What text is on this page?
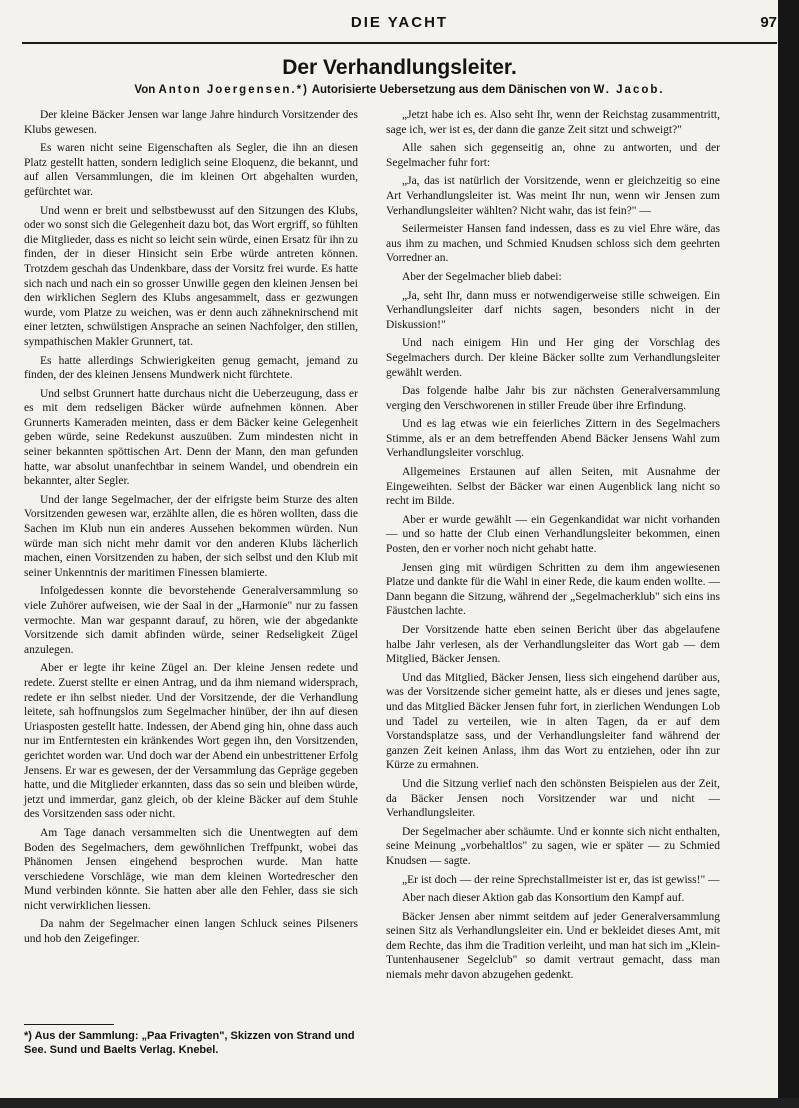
DIE YACHT	97
Der Verhandlungsleiter.
Von Anton Joergensen.*) Autorisierte Uebersetzung aus dem Dänischen von W. Jacob.

Der kleine Bäcker Jensen war lange Jahre hindurch Vorsitzender des Klubs gewesen.

Es waren nicht seine Eigenschaften als Segler, die ihn an diesen Platz gestellt hatten, sondern lediglich seine Eloquenz, die bekannt, und auf allen Versammlungen, die im kleinen Ort abgehalten wurden, gefürchtet war.

Und wenn er breit und selbstbewusst auf den Sitzungen des Klubs, oder wo sonst sich die Gelegenheit dazu bot, das Wort ergriff, so fühlten die Mitglieder, dass es nicht so leicht sein würde, einen Ersatz für ihn zu finden, der in dieser Hinsicht sein Erbe würde antreten können. Trotzdem geschah das Undenkbare, dass der Vorsitz frei wurde. Es hatte sich nach und nach ein so grosser Unwille gegen den kleinen Jensen bei den wirklichen Seglern des Klubs angesammelt, dass er gezwungen wurde, vom Platze zu weichen, was er denn auch zähneknirschend mit einer letzten, schwülstigen Ansprache an seinen Nachfolger, den stillen, sympathischen Makler Grunnert, tat.

Es hatte allerdings Schwierigkeiten genug gemacht, jemand zu finden, der des kleinen Jensens Mundwerk nicht fürchtete.

Und selbst Grunnert hatte durchaus nicht die Ueberzeugung, dass er es mit dem redseligen Bäcker würde aufnehmen können. Aber Grunnerts Kameraden meinten, dass er dem Bäcker keine Gelegenheit geben würde, seine Redekunst auszuüben. Zum mindesten nicht in seiner bekannten spöttischen Art. Denn der Mann, den man gefunden hatte, war absolut unanfechtbar in seinem Wandel, und obendrein ein bekannter, alter Segler.

Und der lange Segelmacher, der der eifrigste beim Sturze des alten Vorsitzenden gewesen war, erzählte allen, die es hören wollten, dass die Sachen im Klub nun ein anderes Aussehen bekommen würden. Nun würde man sich nicht mehr damit vor den anderen Klubs lächerlich machen, einen Vorsitzenden zu haben, der sich selbst und den Klub mit seiner Unkenntnis der maritimen Finessen blamierte.

Infolgedessen konnte die bevorstehende Generalversammlung so viele Zuhörer aufweisen, wie der Saal in der „Harmonie" nur zu fassen vermochte. Man war gespannt darauf, zu hören, wie der abgedankte Vorsitzende sich damit abfinden würde, seiner Redseligkeit Zügel anzulegen.

Aber er legte ihr keine Zügel an. Der kleine Jensen redete und redete. Zuerst stellte er einen Antrag, und da ihm niemand widersprach, redete er ihn selbst nieder. Und der Vorsitzende, der die Verhandlung leitete, sah hoffnungslos zum Segelmacher hinüber, der ihn auf diesen Uriasposten gestellt hatte. Indessen, der Abend ging hin, ohne dass auch nur im Entferntesten ein kränkendes Wort gegen ihn, den Vorsitzenden, gerichtet worden war. Und doch war der Abend ein unbestrittener Erfolg Jensens. Er war es gewesen, der der Versammlung das Gepräge gegeben hatte, und die Mitglieder erkannten, dass das so sein und bleiben würde, jetzt und immerdar, ganz gleich, ob der kleine Bäcker auf dem Stuhle des Vorsitzenden sass oder nicht.

Am Tage danach versammelten sich die Unentwegten auf dem Boden des Segelmachers, dem gewöhnlichen Treffpunkt, wobei das Phänomen Jensen eingehend besprochen wurde. Man hatte verschiedene Vorschläge, wie man dem kleinen Wortedrescher den Mund verbinden könnte. Sie hatten aber alle den Fehler, dass sie sich nicht verwirklichen liessen.

Da nahm der Segelmacher einen langen Schluck seines Pilseners und hob den Zeigefinger.

*) Aus der Sammlung: „Paa Frivagten", Skizzen von Strand und See. Sund und Baelts Verlag. Knebel.

„Jetzt habe ich es. Also seht Ihr, wenn der Reichstag zusammentritt, sage ich, wer ist es, der dann die ganze Zeit sitzt und schweigt?"

Alle sahen sich gegenseitig an, ohne zu antworten, und der Segelmacher fuhr fort:

„Ja, das ist natürlich der Vorsitzende, wenn er gleichzeitig so eine Art Verhandlungsleiter ist. Was meint Ihr nun, wenn wir Jensen zum Verhandlungsleiter wählten? Nicht wahr, das ist fein?" —

Seilermeister Hansen fand indessen, dass es zu viel Ehre wäre, das aus ihm zu machen, und Schmied Knudsen schloss sich dem geehrten Vorredner an.

Aber der Segelmacher blieb dabei:

„Ja, seht Ihr, dann muss er notwendigerweise stille schweigen. Ein Verhandlungsleiter darf nichts sagen, besonders nicht in der Diskussion!"

Und nach einigem Hin und Her ging der Vorschlag des Segelmachers durch. Der kleine Bäcker sollte zum Verhandlungsleiter gewählt werden.

Das folgende halbe Jahr bis zur nächsten Generalversammlung verging den Verschworenen in stiller Freude über ihre Erfindung.

Und es lag etwas wie ein feierliches Zittern in des Segelmachers Stimme, als er an dem betreffenden Abend Bäcker Jensens Wahl zum Verhandlungsleiter vorschlug.

Allgemeines Erstaunen auf allen Seiten, mit Ausnahme der Eingeweihten. Selbst der Bäcker war einen Augenblick lang nicht so recht im Bilde.

Aber er wurde gewählt — ein Gegenkandidat war nicht vorhanden — und so hatte der Club einen Verhandlungsleiter bekommen, einen Posten, den er vorher noch nicht gehabt hatte.

Jensen ging mit würdigen Schritten zu dem ihm angewiesenen Platze und dankte für die Wahl in einer Rede, die kaum enden wollte. — Dann begann die Sitzung, während der „Segelmacherklub" sich eins ins Fäustchen lachte.

Der Vorsitzende hatte eben seinen Bericht über das abgelaufene halbe Jahr verlesen, als der Verhandlungsleiter das Wort gab — dem Mitglied, Bäcker Jensen.

Und das Mitglied, Bäcker Jensen, liess sich eingehend darüber aus, was der Vorsitzende sicher gemeint hatte, als er dieses und jenes sagte, und das Mitglied Bäcker Jensen fuhr fort, in zierlichen Wendungen Lob und Tadel zu verteilen, wie in alten Tagen, da er auf dem Vorstandsplatze sass, und der Verhandlungsleiter fand während der ganzen Zeit keinen Anlass, ihm das Wort zu entziehen, oder ihn zur Kürze zu ermahnen.

Und die Sitzung verlief nach den schönsten Beispielen aus der Zeit, da Bäcker Jensen noch Vorsitzender war und nicht — Verhandlungsleiter.

Der Segelmacher aber schäumte. Und er konnte sich nicht enthalten, seine Meinung „vorbehaltlos" zu sagen, wie er später — zu Schmied Knudsen — sagte.

„Er ist doch — der reine Sprechstallmeister ist er, das ist gewiss!" —

Aber nach dieser Aktion gab das Konsortium den Kampf auf.

Bäcker Jensen aber nimmt seitdem auf jeder Generalversammlung seinen Sitz als Verhandlungsleiter ein. Und er bekleidet dieses Amt, mit dem Rechte, das ihm die Tradition verleiht, und man hat sich im „Klein-Tuntenhausener Segelclub" so damit vertraut gemacht, dass man niemals mehr davon abzugehen gedenkt.
